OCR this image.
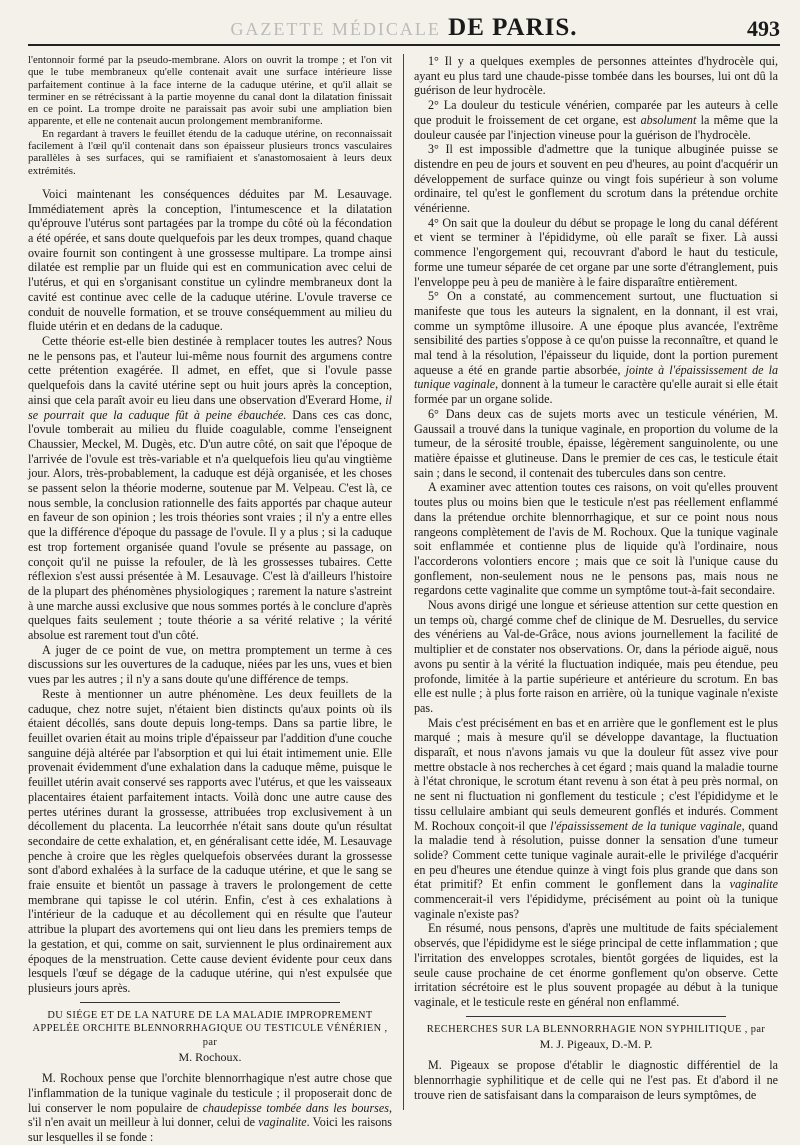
GAZETTE MÉDICALE DE PARIS.	493

l'entonnoir formé par la pseudo-membrane. Alors on ouvrit la trompe ; et l'on vit que le tube membraneux qu'elle contenait avait une surface intérieure lisse parfaitement continue à la face interne de la caduque utérine, et qu'il allait se terminer en se rétrécissant à la partie moyenne du canal dont la dilatation finissait en ce point. La trompe droite ne paraissait pas avoir subi une ampliation bien apparente, et elle ne contenait aucun prolongement membraniforme.

En regardant à travers le feuillet étendu de la caduque utérine, on reconnaissait facilement à l'œil qu'il contenait dans son épaisseur plusieurs troncs vasculaires parallèles à ses surfaces, qui se ramifiaient et s'anastomosaient à leurs deux extrémités.

Voici maintenant les conséquences déduites par M. Lesauvage. Immédiatement après la conception, l'intumescence et la dilatation qu'éprouve l'utérus sont partagées par la trompe du côté où la fécondation a été opérée, et sans doute quelquefois par les deux trompes, quand chaque ovaire fournit son contingent à une grossesse multipare. La trompe ainsi dilatée est remplie par un fluide qui est en communication avec celui de l'utérus, et qui en s'organisant constitue un cylindre membraneux dont la cavité est continue avec celle de la caduque utérine. L'ovule traverse ce conduit de nouvelle formation, et se trouve conséquemment au milieu du fluide utérin et en dedans de la caduque.

Cette théorie est-elle bien destinée à remplacer toutes les autres? Nous ne le pensons pas, et l'auteur lui-même nous fournit des argumens contre cette prétention exagérée. Il admet, en effet, que si l'ovule passe quelquefois dans la cavité utérine sept ou huit jours après la conception, ainsi que cela paraît avoir eu lieu dans une observation d'Everard Home, il se pourrait que la caduque fût à peine ébauchée. Dans ces cas donc, l'ovule tomberait au milieu du fluide coagulable, comme l'enseignent Chaussier, Meckel, M. Dugès, etc. D'un autre côté, on sait que l'époque de l'arrivée de l'ovule est très-variable et n'a quelquefois lieu qu'au vingtième jour. Alors, très-probablement, la caduque est déjà organisée, et les choses se passent selon la théorie moderne, soutenue par M. Velpeau. C'est là, ce nous semble, la conclusion rationnelle des faits apportés par chaque auteur en faveur de son opinion ; les trois théories sont vraies ; il n'y a entre elles que la différence d'époque du passage de l'ovule. Il y a plus ; si la caduque est trop fortement organisée quand l'ovule se présente au passage, on conçoit qu'il ne puisse la refouler, de là les grossesses tubaires. Cette réflexion s'est aussi présentée à M. Lesauvage. C'est là d'ailleurs l'histoire de la plupart des phénomènes physiologiques ; rarement la nature s'astreint à une marche aussi exclusive que nous sommes portés à le conclure d'après quelques faits seulement ; toute théorie a sa vérité relative ; la vérité absolue est rarement tout d'un côté.

A juger de ce point de vue, on mettra promptement un terme à ces discussions sur les ouvertures de la caduque, niées par les uns, vues et bien vues par les autres ; il n'y a sans doute qu'une différence de temps.

Reste à mentionner un autre phénomène. Les deux feuillets de la caduque, chez notre sujet, n'étaient bien distincts qu'aux points où ils étaient décollés, sans doute depuis long-temps. Dans sa partie libre, le feuillet ovarien était au moins triple d'épaisseur par l'addition d'une couche sanguine déjà altérée par l'absorption et qui lui était intimement unie. Elle provenait évidemment d'une exhalation dans la caduque même, puisque le feuillet utérin avait conservé ses rapports avec l'utérus, et que les vaisseaux placentaires étaient parfaitement intacts. Voilà donc une autre cause des pertes utérines durant la grossesse, attribuées trop exclusivement à un décollement du placenta. La leucorrhée n'était sans doute qu'un résultat secondaire de cette exhalation, et, en généralisant cette idée, M. Lesauvage penche à croire que les règles quelquefois observées durant la grossesse sont d'abord exhalées à la surface de la caduque utérine, et que le sang se fraie ensuite et bientôt un passage à travers le prolongement de cette membrane qui tapisse le col utérin. Enfin, c'est à ces exhalations à l'intérieur de la caduque et au décollement qui en résulte que l'auteur attribue la plupart des avortemens qui ont lieu dans les premiers temps de la gestation, et qui, comme on sait, surviennent le plus ordinairement aux époques de la menstruation. Cette cause devient évidente pour ceux dans lesquels l'œuf se dégage de la caduque utérine, qui n'est expulsée que plusieurs jours après.

DU SIÉGE ET DE LA NATURE DE LA MALADIE IMPROPREMENT APPELÉE ORCHITE BLENNORRHAGIQUE OU TESTICULE VÉNÉRIEN , par

M. Rochoux.

M. Rochoux pense que l'orchite blennorrhagique n'est autre chose que l'inflammation de la tunique vaginale du testicule ; il proposerait donc de lui conserver le nom populaire de chaudepisse tombée dans les bourses, s'il n'en avait un meilleur à lui donner, celui de vaginalite. Voici les raisons sur lesquelles il se fonde :

1° Il y a quelques exemples de personnes atteintes d'hydrocèle qui, ayant eu plus tard une chaude-pisse tombée dans les bourses, lui ont dû la guérison de leur hydrocèle.

2° La douleur du testicule vénérien, comparée par les auteurs à celle que produit le froissement de cet organe, est absolument la même que la douleur causée par l'injection vineuse pour la guérison de l'hydrocèle.

3° Il est impossible d'admettre que la tunique albuginée puisse se distendre en peu de jours et souvent en peu d'heures, au point d'acquérir un développement de surface quinze ou vingt fois supérieur à son volume ordinaire, tel qu'est le gonflement du scrotum dans la prétendue orchite vénérienne.

4° On sait que la douleur du début se propage le long du canal déférent et vient se terminer à l'épididyme, où elle paraît se fixer. Là aussi commence l'engorgement qui, recouvrant d'abord le haut du testicule, forme une tumeur séparée de cet organe par une sorte d'étranglement, puis l'enveloppe peu à peu de manière à le faire disparaître entièrement.

5° On a constaté, au commencement surtout, une fluctuation si manifeste que tous les auteurs la signalent, en la donnant, il est vrai, comme un symptôme illusoire. A une époque plus avancée, l'extrême sensibilité des parties s'oppose à ce qu'on puisse la reconnaître, et quand le mal tend à la résolution, l'épaisseur du liquide, dont la portion purement aqueuse a été en grande partie absorbée, jointe à l'épaississement de la tunique vaginale, donnent à la tumeur le caractère qu'elle aurait si elle était formée par un organe solide.

6° Dans deux cas de sujets morts avec un testicule vénérien, M. Gaussail a trouvé dans la tunique vaginale, en proportion du volume de la tumeur, de la sérosité trouble, épaisse, légèrement sanguinolente, ou une matière épaisse et glutineuse. Dans le premier de ces cas, le testicule était sain ; dans le second, il contenait des tubercules dans son centre.

A examiner avec attention toutes ces raisons, on voit qu'elles prouvent toutes plus ou moins bien que le testicule n'est pas réellement enflammé dans la prétendue orchite blennorrhagique, et sur ce point nous nous rangeons complètement de l'avis de M. Rochoux. Que la tunique vaginale soit enflammée et contienne plus de liquide qu'à l'ordinaire, nous l'accorderons volontiers encore ; mais que ce soit là l'unique cause du gonflement, non-seulement nous ne le pensons pas, mais nous ne regardons cette vaginalite que comme un symptôme tout-à-fait secondaire.

Nous avons dirigé une longue et sérieuse attention sur cette question en un temps où, chargé comme chef de clinique de M. Desruelles, du service des vénériens au Val-de-Grâce, nous avions journellement la facilité de multiplier et de constater nos observations. Or, dans la période aiguë, nous avons pu sentir à la vérité la fluctuation indiquée, mais peu étendue, peu profonde, limitée à la partie supérieure et antérieure du scrotum. En bas elle est nulle ; à plus forte raison en arrière, où la tunique vaginale n'existe pas.

Mais c'est précisément en bas et en arrière que le gonflement est le plus marqué ; mais à mesure qu'il se développe davantage, la fluctuation disparaît, et nous n'avons jamais vu que la douleur fût assez vive pour mettre obstacle à nos recherches à cet égard ; mais quand la maladie tourne à l'état chronique, le scrotum étant revenu à son état à peu près normal, on ne sent ni fluctuation ni gonflement du testicule ; c'est l'épididyme et le tissu cellulaire ambiant qui seuls demeurent gonflés et indurés. Comment M. Rochoux conçoit-il que l'épaississement de la tunique vaginale, quand la maladie tend à résolution, puisse donner la sensation d'une tumeur solide? Comment cette tunique vaginale aurait-elle le privilége d'acquérir en peu d'heures une étendue quinze à vingt fois plus grande que dans son état primitif? Et enfin comment le gonflement dans la vaginalite commencerait-il vers l'épididyme, précisément au point où la tunique vaginale n'existe pas?

En résumé, nous pensons, d'après une multitude de faits spécialement observés, que l'épididyme est le siége principal de cette inflammation ; que l'irritation des enveloppes scrotales, bientôt gorgées de liquides, est la seule cause prochaine de cet énorme gonflement qu'on observe. Cette irritation sécrétoire est le plus souvent propagée au début à la tunique vaginale, et le testicule reste en général non enflammé.

RECHERCHES SUR LA BLENNORRHAGIE NON SYPHILITIQUE , par

M. J. Pigeaux, D.-M. P.

M. Pigeaux se propose d'établir le diagnostic différentiel de la blennorrhagie syphilitique et de celle qui ne l'est pas. Et d'abord il ne trouve rien de satisfaisant dans la comparaison de leurs symptômes, de
